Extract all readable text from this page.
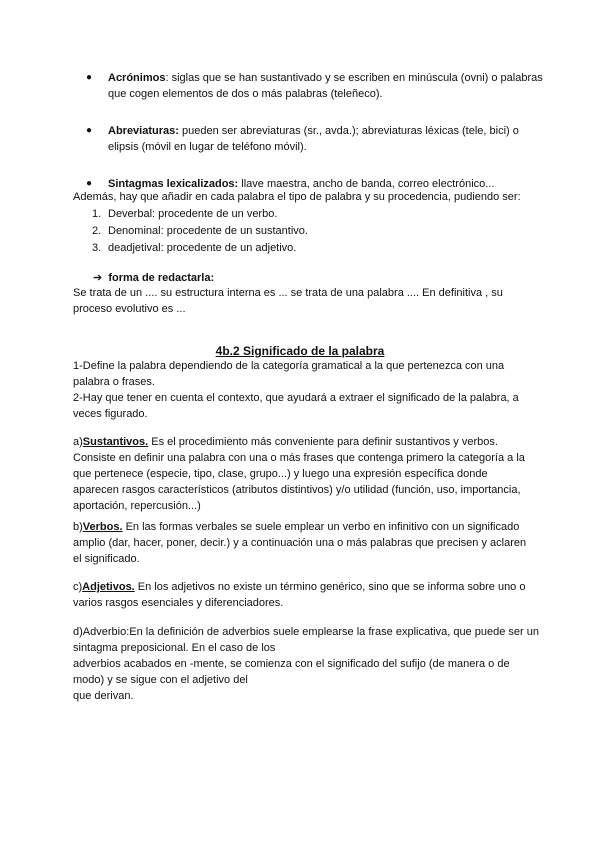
● Acrónimos: siglas que se han sustantivado y se escriben en minúscula (ovni) o palabras que cogen elementos de dos o más palabras (teleñeco).
● Abreviaturas: pueden ser abreviaturas (sr., avda.); abreviaturas léxicas (tele, bici) o elipsis (móvil en lugar de teléfono móvil).
● Sintagmas lexicalizados: llave maestra, ancho de banda, correo electrónico...
Además, hay que añadir en cada palabra el tipo de palabra y su procedencia, pudiendo ser:
1. Deverbal: procedente de un verbo.
2. Denominal: procedente de un sustantivo.
3. deadjetival: procedente de un adjetivo.
➔ forma de redactarla:
Se trata de un .... su estructura interna es ... se trata de una palabra .... En definitiva , su proceso evolutivo es ...
4b.2 Significado de la palabra

1-Define la palabra dependiendo de la categoría gramatical a la que pertenezca con una palabra o frases.

2-Hay que tener en cuenta el contexto, que ayudará a extraer el significado de la palabra, a veces figurado.

a)Sustantivos. Es el procedimiento más conveniente para definir sustantivos y verbos. Consiste en definir una palabra con una o más frases que contenga primero la categoría a la que pertenece (especie, tipo, clase, grupo...) y luego una expresión específica donde aparecen rasgos característicos (atributos distintivos) y/o utilidad (función, uso, importancia, aportación, repercusión...)
b)Verbos. En las formas verbales se suele emplear un verbo en infinitivo con un significado amplio (dar, hacer, poner, decir.) y a continuación una o más palabras que precisen y aclaren el significado.
c)Adjetivos. En los adjetivos no existe un término genérico, sino que se informa sobre uno o varios rasgos esenciales y diferenciadores.

d)Adverbio:En la definición de adverbios suele emplearse la frase explicativa, que puede ser un sintagma preposicional. En el caso de los

adverbios acabados en -mente, se comienza con el significado del sufijo (de manera o de modo) y se sigue con el adjetivo del

que derivan.
